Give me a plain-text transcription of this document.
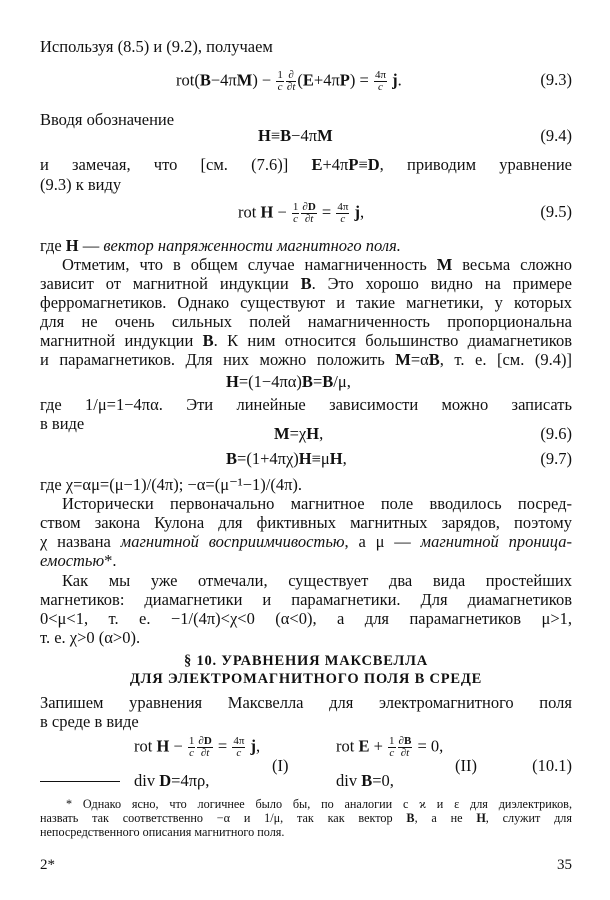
Используя (8.5) и (9.2), получаем
$rot(B-4\pi M) - \frac{1}{c} \frac{\partial}{\partial t} (E+4\pi P) = \frac{4\pi}{c} j$.	(9.3)
Вводя обозначение
H≡B−4πM	(9.4)
и замечая, что [см. (7.6)] E+4πP≡D, приводим уравнение
(9.3) к виду
rot $H - \frac{1}{c} \frac{\partial D}{\partial t} = \frac{4\pi}{c} j$,	(9.5)
где H — вектор напряженности магнитного поля.
Отметим, что в общем случае намагниченность M весьма сложно
зависит от магнитной индукции B. Это хорошо видно на примере
ферромагнетиков. Однако существуют и такие магнетики, у которых
для не очень сильных полей намагниченность пропорциональна
магнитной индукции B. К ним относится большинство диамагнетиков
и парамагнетиков. Для них можно положить M=αB, т. е. [см. (9.4)]
H=(1−4πα)B=B/μ,
где 1/μ=1−4πα. Эти линейные зависимости можно записать
в виде
M=χH,	(9.6)
B=(1+4πχ)H≡μH,	(9.7)
где χ=αμ=(μ−1)/(4π); −α=(μ⁻¹−1)/(4π).
Исторически первоначально магнитное поле вводилось посред-
ством закона Кулона для фиктивных магнитных зарядов, поэтому
χ названа магнитной восприимчивостью, а μ — магнитной проница-
емостью*.
Как мы уже отмечали, существует два вида простейших
магнетиков: диамагнетики и парамагнетики. Для диамагнетиков
0<μ<1, т. е. −1/(4π)<χ<0 (α<0), а для парамагнетиков μ>1,
т. е. χ>0 (α>0).
§ 10. УРАВНЕНИЯ МАКСВЕЛЛА
ДЛЯ ЭЛЕКТРОМАГНИТНОГО ПОЛЯ В СРЕДЕ
Запишем уравнения Максвелла для электромагнитного поля
в среде в виде
rot $H - \frac{1}{c} \frac{\partial D}{\partial t} = \frac{4\pi}{c} j$,	rot $E + \frac{1}{c} \frac{\partial B}{\partial t} = 0$,
(I)	(II)	(10.1)
div D=4πρ,	div B=0,
* Однако ясно, что логичнее было бы, по аналогии с ϰ и ε для диэлектриков,
назвать так соответственно −α и 1/μ, так как вектор B, а не H, служит для
непосредственного описания магнитного поля.
2*	35
